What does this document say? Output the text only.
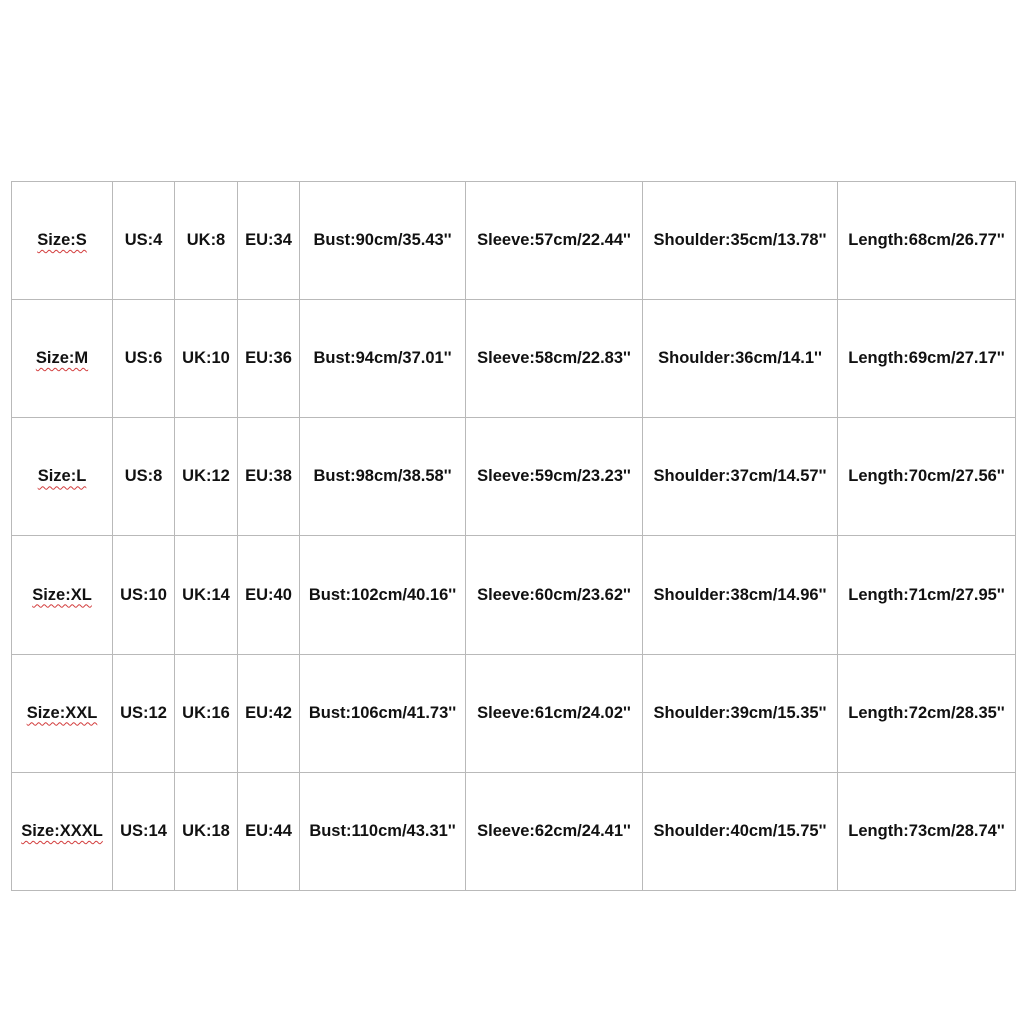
Size:S	US:4	UK:8	EU:34	Bust:90cm/35.43''	Sleeve:57cm/22.44''	Shoulder:35cm/13.78''	Length:68cm/26.77''
Size:M	US:6	UK:10	EU:36	Bust:94cm/37.01''	Sleeve:58cm/22.83''	Shoulder:36cm/14.1''	Length:69cm/27.17''
Size:L	US:8	UK:12	EU:38	Bust:98cm/38.58''	Sleeve:59cm/23.23''	Shoulder:37cm/14.57''	Length:70cm/27.56''
Size:XL	US:10	UK:14	EU:40	Bust:102cm/40.16''	Sleeve:60cm/23.62''	Shoulder:38cm/14.96''	Length:71cm/27.95''
Size:XXL	US:12	UK:16	EU:42	Bust:106cm/41.73''	Sleeve:61cm/24.02''	Shoulder:39cm/15.35''	Length:72cm/28.35''
Size:XXXL	US:14	UK:18	EU:44	Bust:110cm/43.31''	Sleeve:62cm/24.41''	Shoulder:40cm/15.75''	Length:73cm/28.74''
